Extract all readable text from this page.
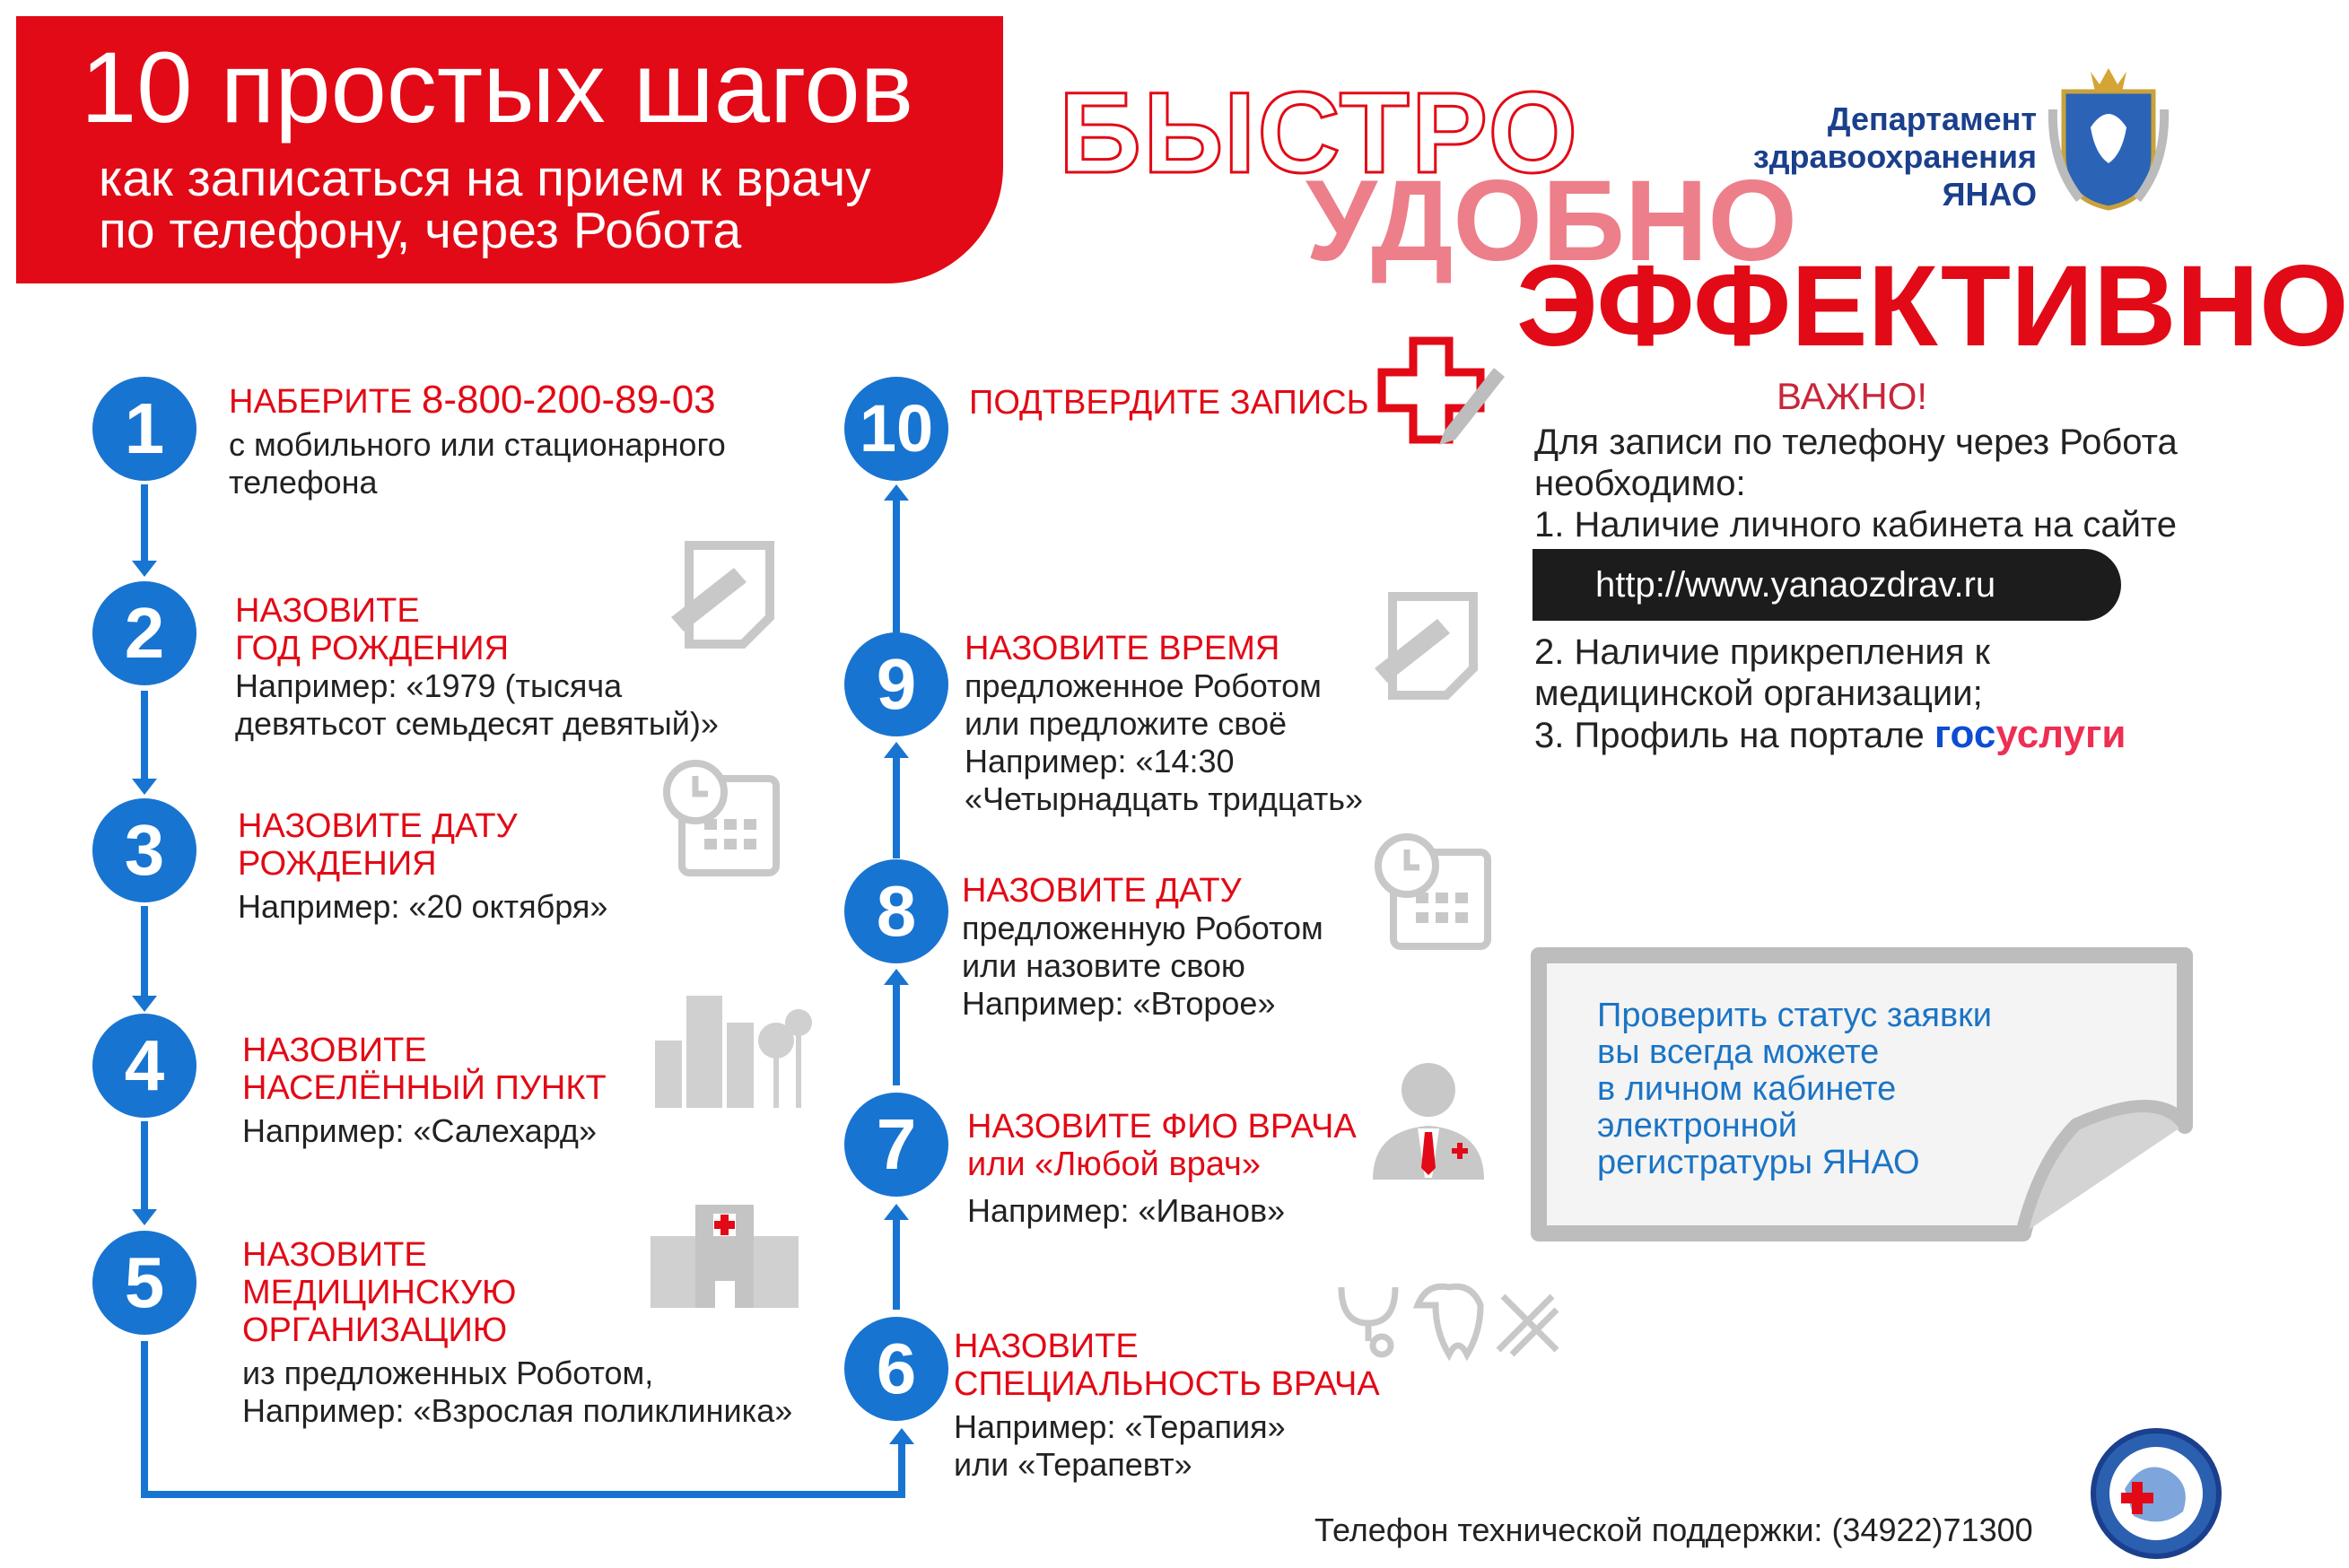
10 простых шагов
как записаться на прием к врачу
по телефону, через Робота
БЫСТРО
УДОБНО
ЭФФЕКТИВНО
Департамент
здравоохранения
ЯНАО
1
2
3
4
5
6
7
8
9
10
НАБЕРИТЕ 8-800-200-89-03
с мобильного или стационарного
телефона
НАЗОВИТЕ
ГОД РОЖДЕНИЯ
Например: «1979 (тысяча
девятьсот семьдесят девятый)»
НАЗОВИТЕ ДАТУ
РОЖДЕНИЯ
Например: «20 октября»
НАЗОВИТЕ
НАСЕЛЁННЫЙ ПУНКТ
Например: «Салехард»
НАЗОВИТЕ
МЕДИЦИНСКУЮ
ОРГАНИЗАЦИЮ
из предложенных Роботом,
Например: «Взрослая поликлиника»
НАЗОВИТЕ
СПЕЦИАЛЬНОСТЬ ВРАЧА
Например: «Терапия»
или «Терапевт»
НАЗОВИТЕ ФИО ВРАЧА
или «Любой врач»
Например: «Иванов»
НАЗОВИТЕ ДАТУ
предложенную Роботом
или назовите свою
Например: «Второе»
НАЗОВИТЕ ВРЕМЯ
предложенное Роботом
или предложите своё
Например: «14:30
«Четырнадцать тридцать»
ПОДТВЕРДИТЕ ЗАПИСЬ	ВАЖНО!
Для записи по телефону через Робота
необходимо:
1. Наличие личного кабинета на сайте
http://www.yanaozdrav.ru
2. Наличие прикрепления к
медицинской организации;
3. Профиль на портале госуслуги
Проверить статус заявки
вы всегда можете
в личном кабинете
электронной
регистратуры ЯНАО
Телефон технической поддержки: (34922)71300
